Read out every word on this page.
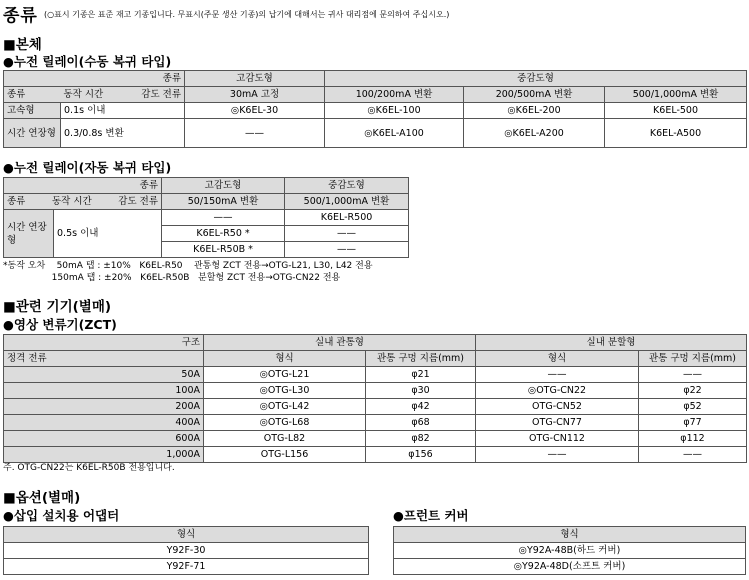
종류 (○표시 기종은 표준 재고 기종입니다. 무표시(주문 생산 기종)의 납기에 대해서는 귀사 대리점에 문의하여 주십시오.)
■본체
●누전 릴레이(수동 복귀 타입)
종류		고감도형	중감도형		

종류 동작 시간 감도 전류		30mA 고정	100/200mA 변환	200/500mA 변환	500/1,000mA 변환
고속형	0.1s 이내	◎K6EL-30	◎K6EL-100	◎K6EL-200	K6EL-500
시간 연장형	0.3/0.8s 변환	——	◎K6EL-A100	◎K6EL-A200	K6EL-A500
●누전 릴레이(자동 복귀 타입)
종류		고감도형	중감도형

종류 동작 시간 감도 전류		50/150mA 변환	500/1,000mA 변환
시간 연장형	0.5s 이내	——	K6EL-R500
		K6EL-R50 *	——
		K6EL-R50B *	——
*동작 오차    50mA 탭 : ±10%   K6EL-R50    관통형 ZCT 전용→OTG-L21, L30, L42 전용
150mA 탭 : ±20%   K6EL-R50B   분할형 ZCT 전용→OTG-CN22 전용
■관련 기기(별매)
●영상 변류기(ZCT)
구조	실내 관통형		실내 분할형	
정격 전류	형식	관통 구멍 지름(mm)	형식	관통 구멍 지름(mm)
50A	◎OTG-L21	φ21	——	——
100A	◎OTG-L30	φ30	◎OTG-CN22	φ22
200A	◎OTG-L42	φ42	OTG-CN52	φ52
400A	◎OTG-L68	φ68	OTG-CN77	φ77
600A	OTG-L82	φ82	OTG-CN112	φ112
1,000A	OTG-L156	φ156	——	——
주. OTG-CN22는 K6EL-R50B 전용입니다.
■옵션(별매)
●삽입 설치용 어댑터	●프런트 커버
형식
Y92F-30
Y92F-71
형식
◎Y92A-48B(하드 커버)
◎Y92A-48D(소프트 커버)
